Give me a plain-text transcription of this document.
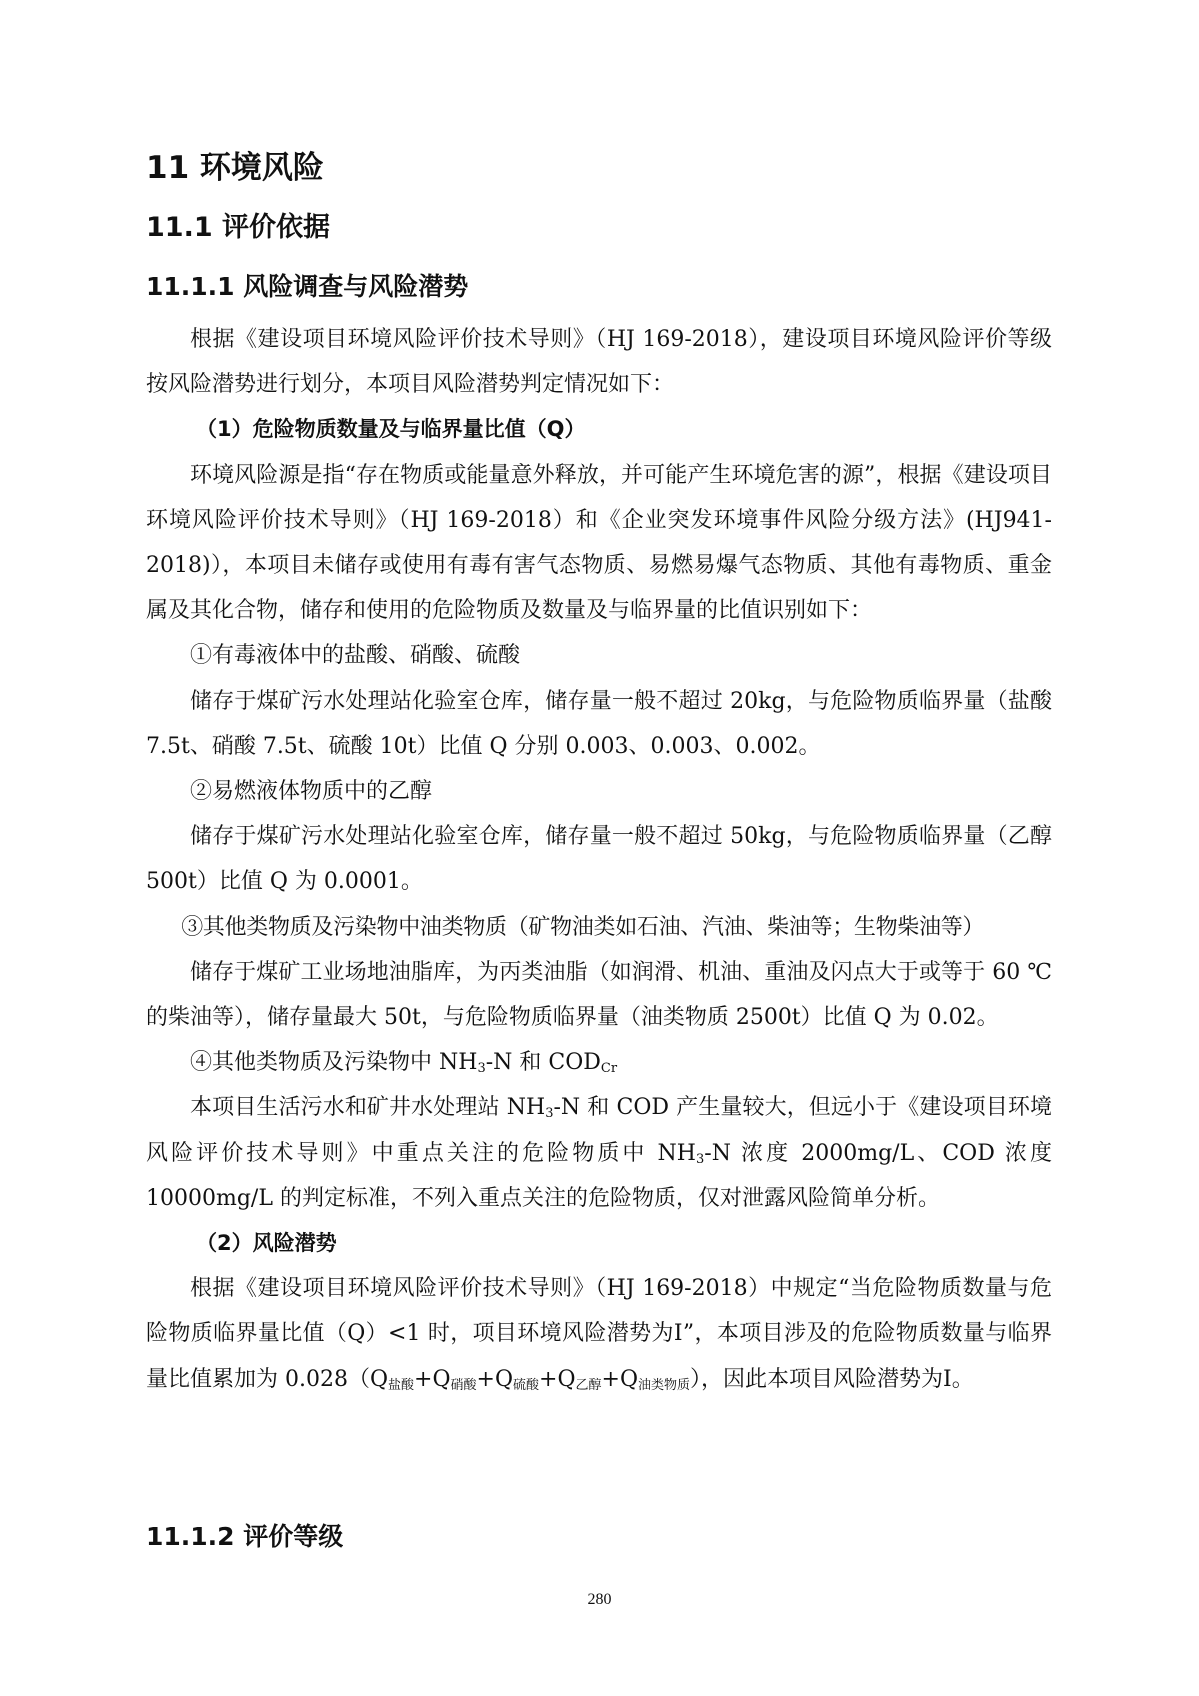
11 环境风险
11.1 评价依据
11.1.1 风险调查与风险潜势

根据《建设项目环境风险评价技术导则》（HJ 169-2018），建设项目环境风险评价等级按风险潜势进行划分，本项目风险潜势判定情况如下：

（1）危险物质数量及与临界量比值（Q）

环境风险源是指“存在物质或能量意外释放，并可能产生环境危害的源”，根据《建设项目环境风险评价技术导则》（HJ 169-2018）和《企业突发环境事件风险分级方法》(HJ941-2018)），本项目未储存或使用有毒有害气态物质、易燃易爆气态物质、其他有毒物质、重金属及其化合物，储存和使用的危险物质及数量及与临界量的比值识别如下：

①有毒液体中的盐酸、硝酸、硫酸

储存于煤矿污水处理站化验室仓库，储存量一般不超过 20kg，与危险物质临界量（盐酸 7.5t、硝酸 7.5t、硫酸 10t）比值 Q 分别 0.003、0.003、0.002。

②易燃液体物质中的乙醇

储存于煤矿污水处理站化验室仓库，储存量一般不超过 50kg，与危险物质临界量（乙醇 500t）比值 Q 为 0.0001。

③其他类物质及污染物中油类物质（矿物油类如石油、汽油、柴油等；生物柴油等）

储存于煤矿工业场地油脂库，为丙类油脂（如润滑、机油、重油及闪点大于或等于 60 ℃的柴油等），储存量最大 50t，与危险物质临界量（油类物质 2500t）比值 Q 为 0.02。

④其他类物质及污染物中 $NH_3-N$ 和 $COD_{Cr}$

本项目生活污水和矿井水处理站 $NH_3-N$ 和 COD 产生量较大，但远小于《建设项目环境风险评价技术导则》中重点关注的危险物质中 $NH_3-N$ 浓度 2000mg/L、COD 浓度 10000mg/L 的判定标准，不列入重点关注的危险物质，仅对泄露风险简单分析。

（2）风险潜势

根据《建设项目环境风险评价技术导则》（HJ 169-2018）中规定“当危险物质数量与危险物质临界量比值（Q）<1 时，项目环境风险潜势为Ⅰ”，本项目涉及的危险物质数量与临界量比值累加为 $0.028(Q_{盐酸}+Q_{硝酸}+Q_{硫酸}+Q_{乙醇}+Q_{油类物质})$，因此本项目风险潜势为Ⅰ。

11.1.2 评价等级
280
